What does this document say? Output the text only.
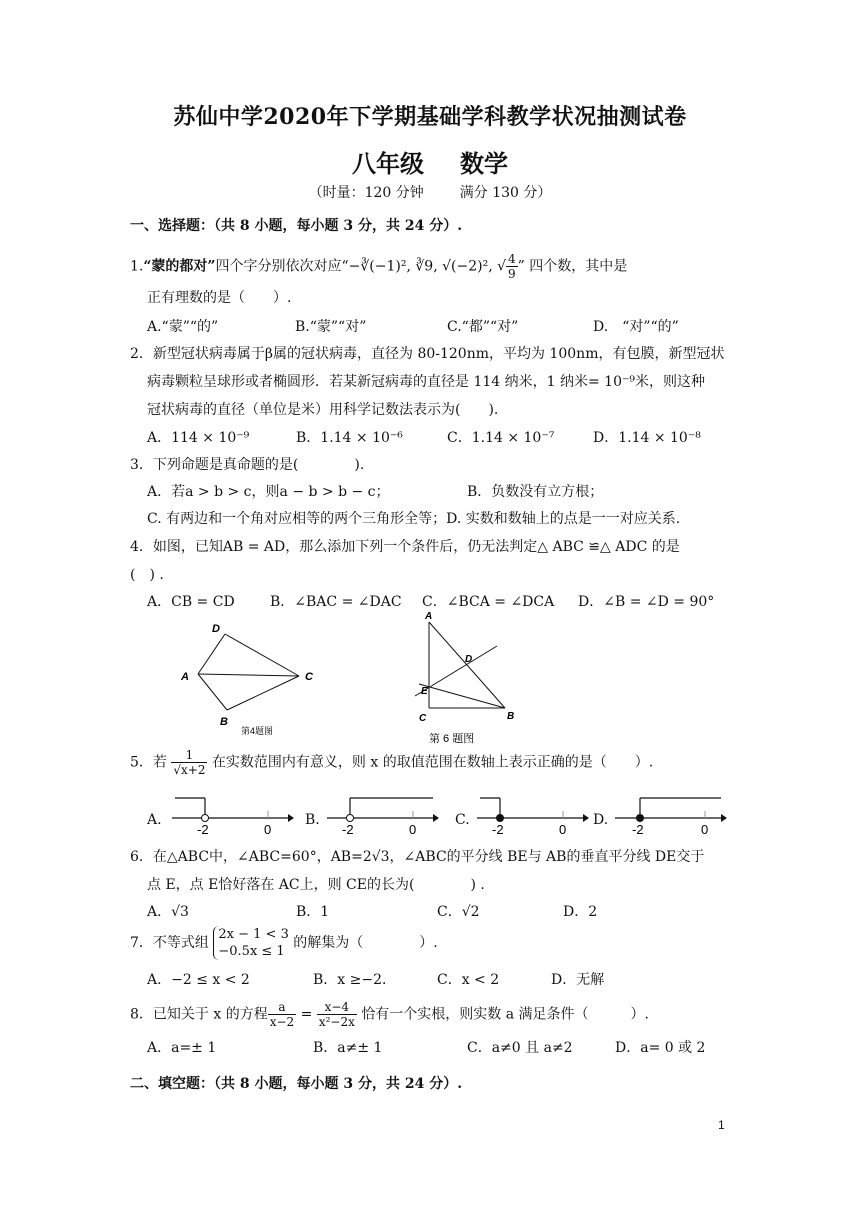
苏仙中学2020年下学期基础学科教学状况抽测试卷
八年级 数学
（时量：120 分钟	满分 130 分）
一、选择题：（共 8 小题，每小题 3 分，共 24 分）.
1.“蒙的都对”四个字分别依次对应“−∛(−1)², ∛9, √(−2)², √ $\frac{4}{9}$ ” 四个数，其中是
正有理数的是（　　）.
A.“蒙”“的”	B.“蒙”“对”	C.“都”“对”	D.　“对”“的”
2．新型冠状病毒属于β属的冠状病毒，直径为 80-120nm，平均为 100nm，有包膜，新型冠状
病毒颗粒呈球形或者椭圆形．若某新冠病毒的直径是 114 纳米，1 纳米= 10⁻⁹米，则这种
冠状病毒的直径（单位是米）用科学记数法表示为(　　).
A．114 × 10⁻⁹	B．1.14 × 10⁻⁶	C．1.14 × 10⁻⁷	D．1.14 × 10⁻⁸
3．下列命题是真命题的是(　　　　).
A．若a > b > c，则a − b > b − c；	B．负数没有立方根；
C. 有两边和一个角对应相等的两个三角形全等；D. 实数和数轴上的点是一一对应关系.
4．如图，已知AB = AD，那么添加下列一个条件后，仍无法判定△ ABC ≌△ ADC 的是
(　) .
A．CB = CD	B．∠BAC = ∠DAC C．∠BCA = ∠DCA D．∠B = ∠D = 90°
D
A	C
B
第4题图
A
D
E
C	B
第 6 题图
5．若 $\frac{1}{√x+2}$ 在实数范围内有意义，则 x 的取值范围在数轴上表示正确的是（　　）.
A.
-2	0
B.
-2	0
C.
-2	0
D.
-2	0
6．在△ABC中，∠ABC=60°，AB=2√3，∠ABC的平分线 BE与 AB的垂直平分线 DE交于
点 E，点 E恰好落在 AC上，则 CE的长为(　　　　) .
A．√3	B．1	C．√2	D．2
7．不等式组
2x − 1 < 3
−0.5x ≤ 1
的解集为（　　　　）.
A．−2 ≤ x < 2	B．x ≥−2．	C．x < 2	D．无解
8．已知关于 x 的方程 $\frac{a}{x-2} = \frac{x-4}{\text{x²−2x}}$ 恰有一个实根，则实数 a 满足条件（　　　）.
A．a=± 1	B．a≠± 1	C．a≠0 且 a≠2	D．a= 0 或 2
二、填空题：（共 8 小题，每小题 3 分，共 24 分）.
1
